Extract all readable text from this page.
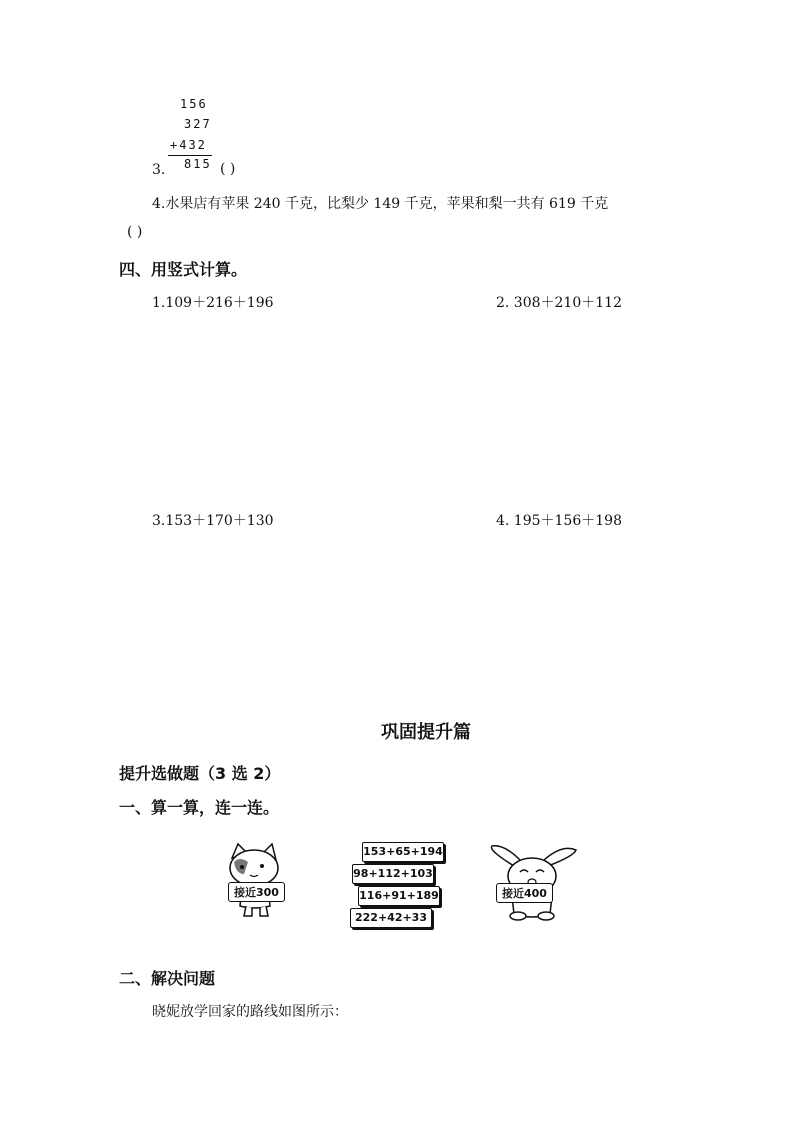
156
327
+432
815
3.	( )
4.水果店有苹果 240 千克，比梨少 149 千克，苹果和梨一共有 619 千克
( )
四、用竖式计算。
1.109＋216＋196	2. 308＋210＋112
3.153＋170＋130	4. 195＋156＋198
巩固提升篇
提升选做题（3 选 2）
一、算一算，连一连。
接近300
153+65+194
98+112+103
116+91+189
222+42+33
接近400
二、解决问题
晓妮放学回家的路线如图所示：
